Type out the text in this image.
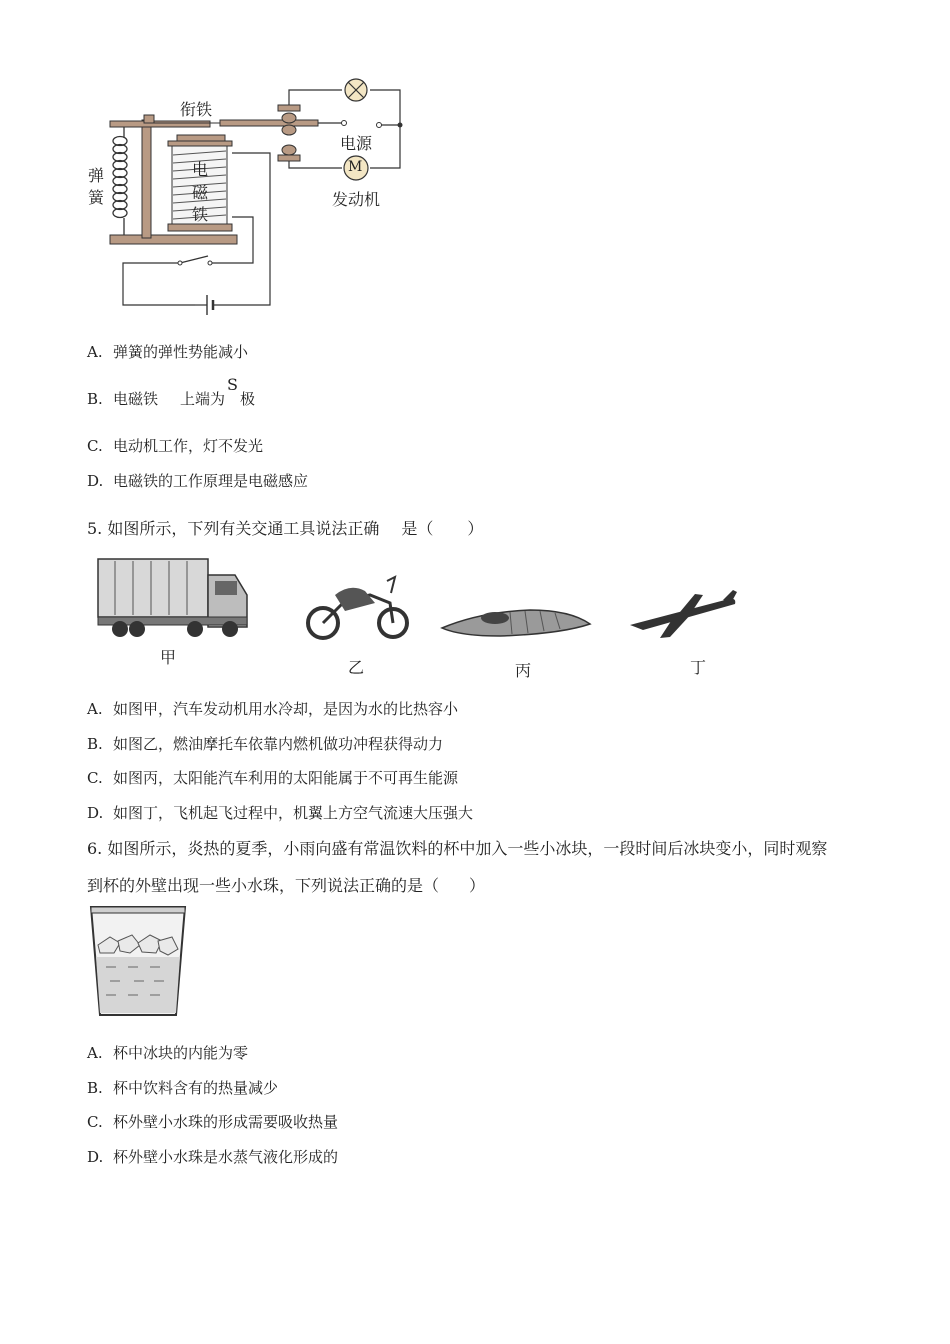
衔铁
弹
簧
电
磁
铁
电源
M
发动机
A. 弹簧的弹性势能减小
B. 电磁铁 上端为S极
C. 电动机工作，灯不发光
D. 电磁铁的工作原理是电磁感应
5. 如图所示，下列有关交通工具说法正确 是（ ）
甲
乙	丙	丁
A. 如图甲，汽车发动机用水冷却，是因为水的比热容小
B. 如图乙，燃油摩托车依靠内燃机做功冲程获得动力
C. 如图丙，太阳能汽车利用的太阳能属于不可再生能源
D. 如图丁，飞机起飞过程中，机翼上方空气流速大压强大
6. 如图所示，炎热的夏季，小雨向盛有常温饮料的杯中加入一些小冰块，一段时间后冰块变小，同时观察
到杯的外壁出现一些小水珠，下列说法正确的是（ ）
A. 杯中冰块的内能为零
B. 杯中饮料含有的热量减少
C. 杯外壁小水珠的形成需要吸收热量
D. 杯外壁小水珠是水蒸气液化形成的
